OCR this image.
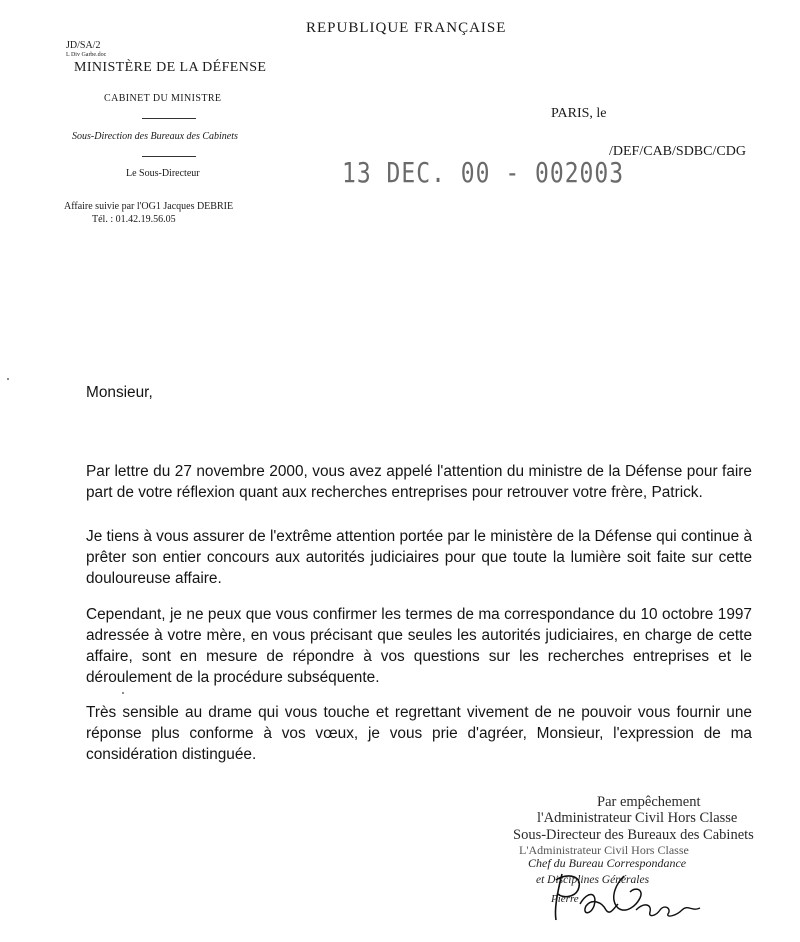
REPUBLIQUE FRANÇAISE
JD/SA/2
L Div Garbe.doc
MINISTÈRE DE LA DÉFENSE
CABINET DU MINISTRE
Sous-Direction des Bureaux des Cabinets
Le Sous-Directeur
Affaire suivie par l'OG1 Jacques DEBRIE
Tél. : 01.42.19.56.05
PARIS, le
/DEF/CAB/SDBC/CDG
13 DEC. 00 - 002003
Monsieur,
Par lettre du 27 novembre 2000, vous avez appelé l'attention du ministre de la Défense pour faire part de votre réflexion quant aux recherches entreprises pour retrouver votre frère, Patrick.
Je tiens à vous assurer de l'extrême attention portée par le ministère de la Défense qui continue à prêter son entier concours aux autorités judiciaires pour que toute la lumière soit faite sur cette douloureuse affaire.
Cependant, je ne peux que vous confirmer les termes de ma correspondance du 10 octobre 1997 adressée à votre mère, en vous précisant que seules les autorités judiciaires, en charge de cette affaire, sont en mesure de répondre à vos questions sur les recherches entreprises et le déroulement de la procédure subséquente.
Très sensible au drame qui vous touche et regrettant vivement de ne pouvoir vous fournir une réponse plus conforme à vos vœux, je vous prie d'agréer, Monsieur, l'expression de ma considération distinguée.
Par empêchement
l'Administrateur Civil Hors Classe
Sous-Directeur des Bureaux des Cabinets
L'Administrateur Civil Hors Classe
Chef du Bureau Correspondance
et Disciplines Générales
Pierre
